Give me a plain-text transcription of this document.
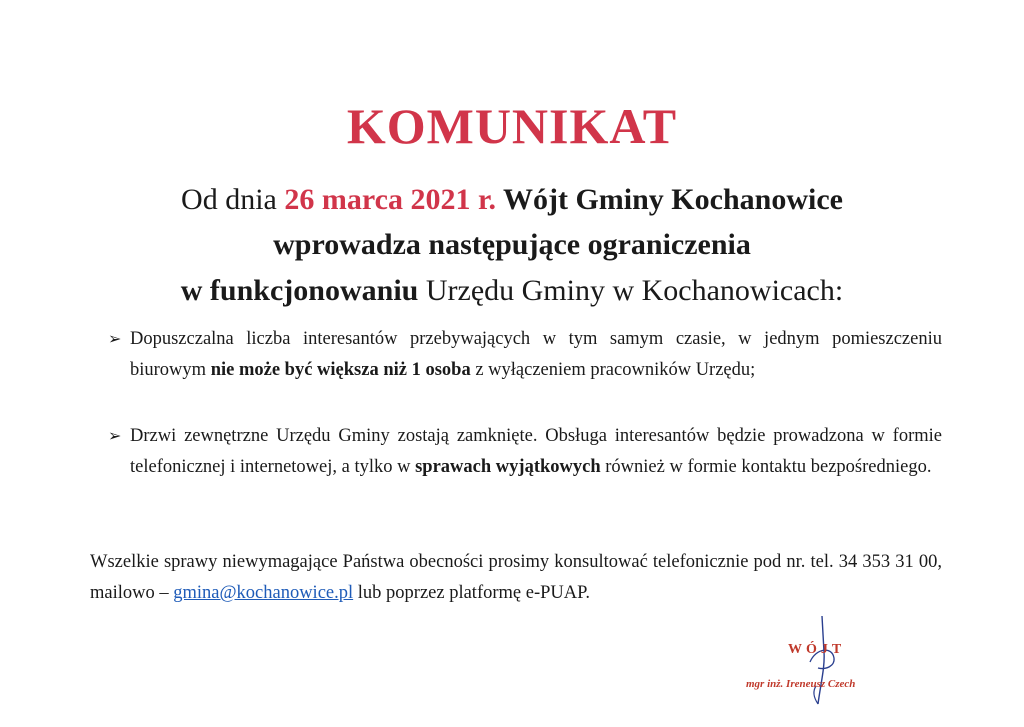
KOMUNIKAT
Od dnia 26 marca 2021 r. Wójt Gminy Kochanowice
wprowadza następujące ograniczenia
w funkcjonowaniu Urzędu Gminy w Kochanowicach:
➢ Dopuszczalna liczba interesantów przebywających w tym samym czasie, w jednym pomieszczeniu biurowym nie może być większa niż 1 osoba z wyłączeniem pracowników Urzędu;
➢ Drzwi zewnętrzne Urzędu Gminy zostają zamknięte. Obsługa interesantów będzie prowadzona w formie telefonicznej i internetowej, a tylko w sprawach wyjątkowych również w formie kontaktu bezpośredniego.
Wszelkie sprawy niewymagające Państwa obecności prosimy konsultować telefonicznie pod nr. tel. 34 353 31 00, mailowo – gmina@kochanowice.pl lub poprzez platformę e-PUAP.
WÓJT
mgr inż. Ireneusz Czech
